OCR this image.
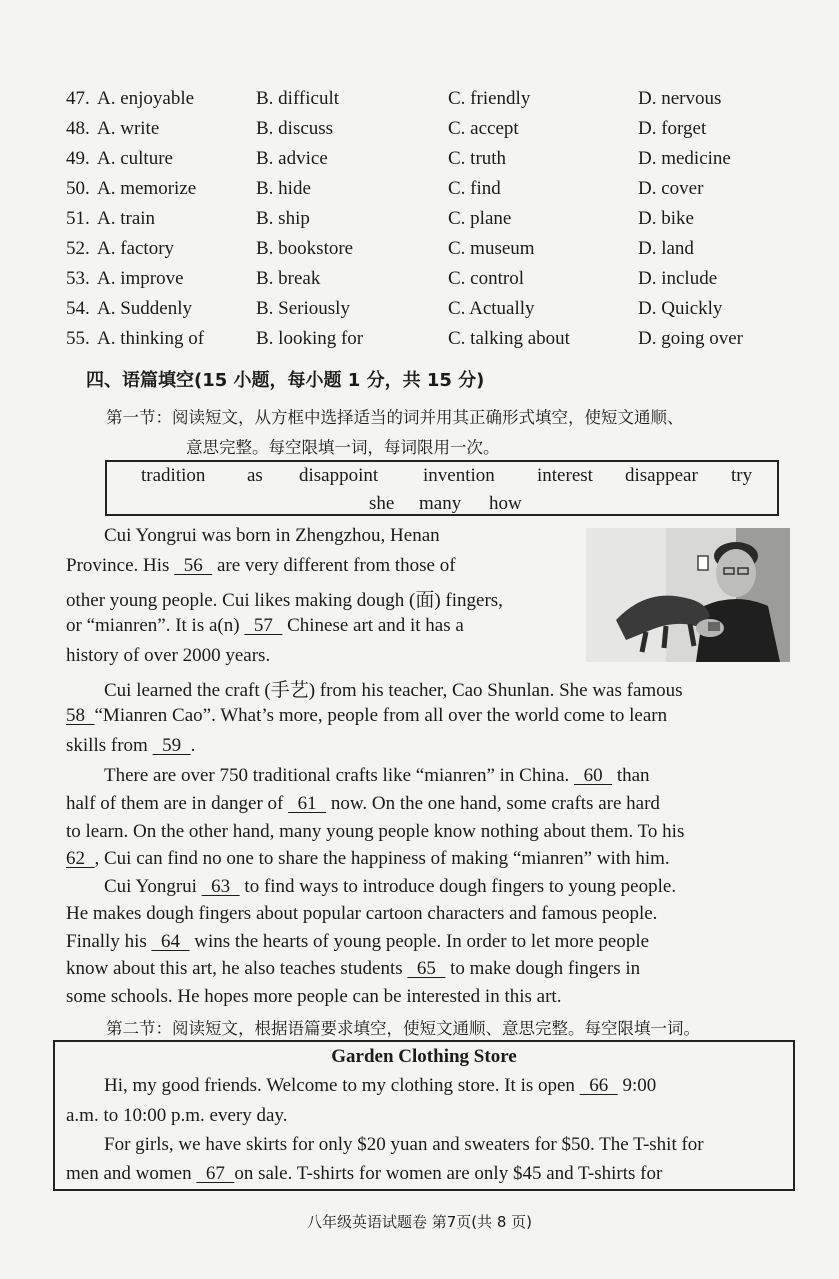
47. A. enjoyable	B. difficult	C. friendly	D. nervous
48. A. write	B. discuss	C. accept	D. forget
49. A. culture	B. advice	C. truth	D. medicine
50. A. memorize	B. hide	C. find	D. cover
51. A. train	B. ship	C. plane	D. bike
52. A. factory	B. bookstore	C. museum	D. land
53. A. improve	B. break	C. control	D. include
54. A. Suddenly	B. Seriously	C. Actually	D. Quickly
55. A. thinking of	B. looking for	C. talking about	D. going over
四、语篇填空(15 小题，每小题 1 分，共 15 分)
第一节：阅读短文，从方框中选择适当的词并用其正确形式填空，使短文通顺、
意思完整。每空限填一词，每词限用一次。
tradition as disappoint invention interest disappear try
she many how
Cui Yongrui was born in Zhengzhou, Henan
Province. His   56   are very different from those of
other young people. Cui likes making dough (面) fingers,
or “mianren”. It is a(n)   57   Chinese art and it has a
history of over 2000 years.
Cui learned the craft (手艺) from his teacher, Cao Shunlan. She was famous
58  “Mianren Cao”. What’s more, people from all over the world come to learn
skills from   59  .
There are over 750 traditional crafts like “mianren” in China.   60   than
half of them are in danger of   61   now. On the one hand, some crafts are hard
to learn. On the other hand, many young people know nothing about them. To his
62  , Cui can find no one to share the happiness of making “mianren” with him.
Cui Yongrui   63   to find ways to introduce dough fingers to young people.
He makes dough fingers about popular cartoon characters and famous people.
Finally his   64   wins the hearts of young people. In order to let more people
know about this art, he also teaches students   65   to make dough fingers in
some schools. He hopes more people can be interested in this art.
第二节：阅读短文，根据语篇要求填空，使短文通顺、意思完整。每空限填一词。
Garden Clothing Store
Hi, my good friends. Welcome to my clothing store. It is open   66   9:00
a.m. to 10:00 p.m. every day.
For girls, we have skirts for only $20 yuan and sweaters for $50. The T-shit for
men and women   67  on sale. T-shirts for women are only $45 and T-shirts for
八年级英语试题卷 第7页(共 8 页)
